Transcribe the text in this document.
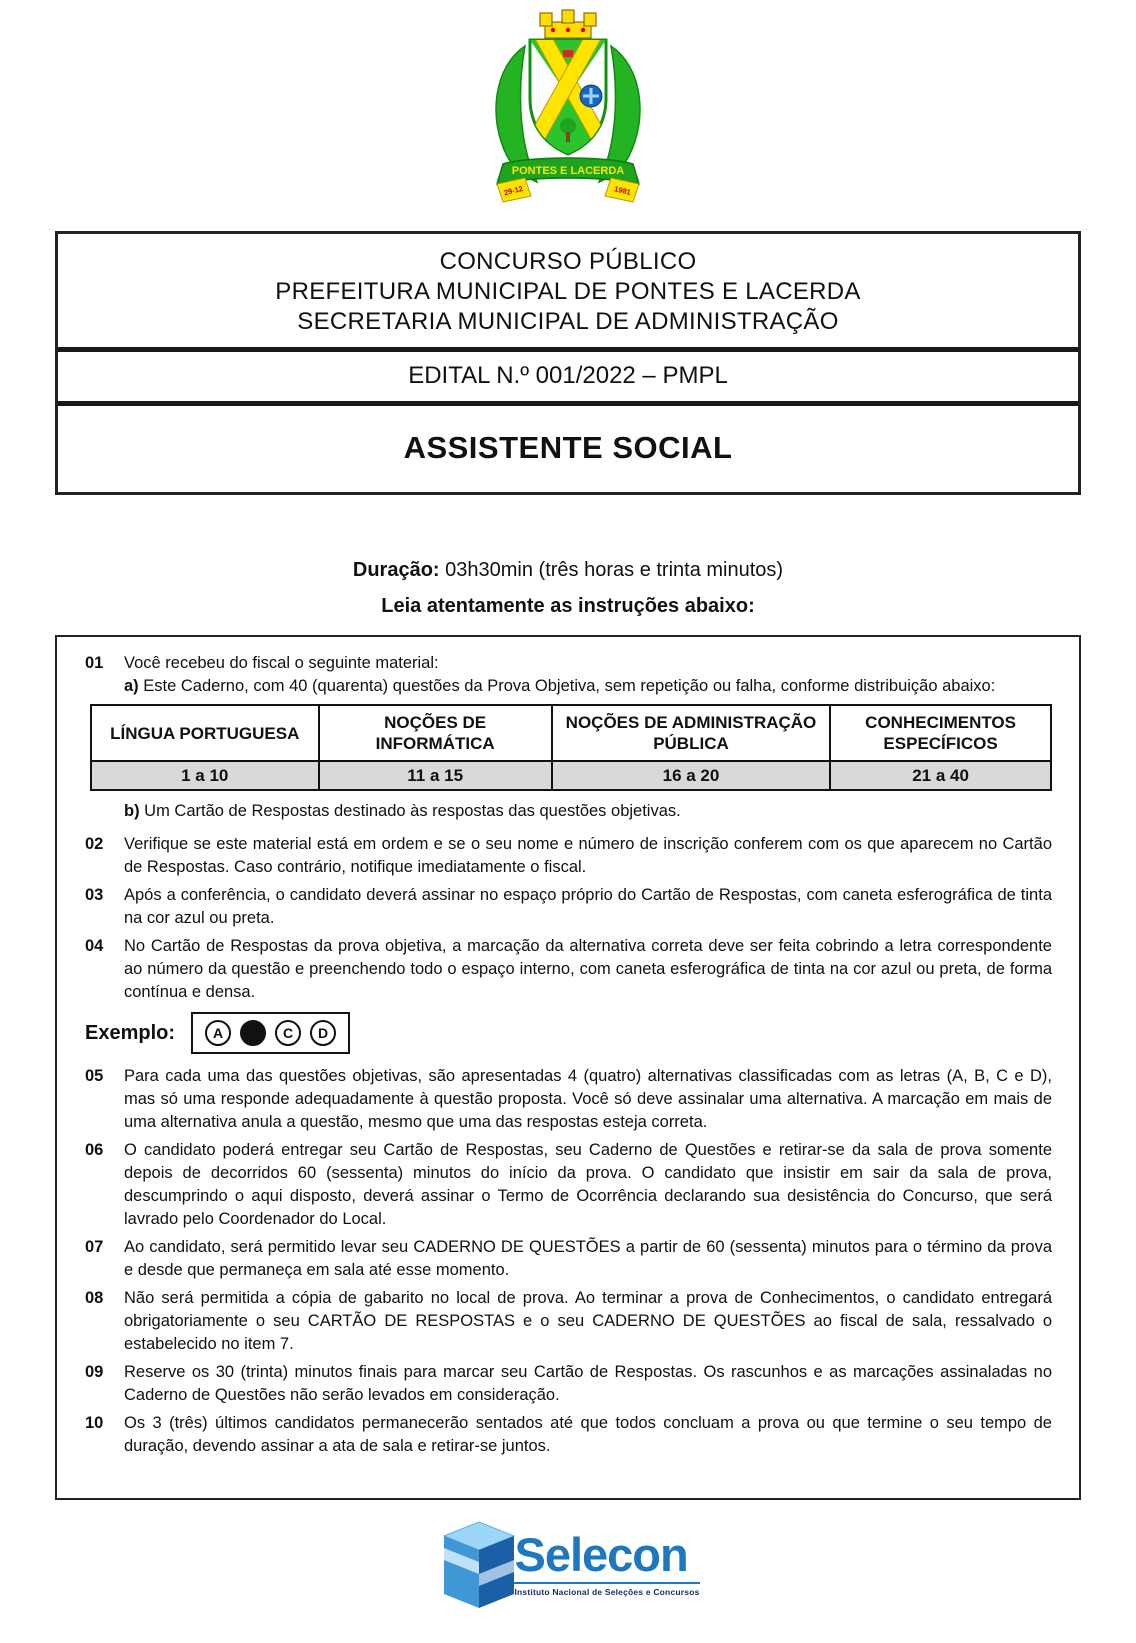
PONTES E LACERDA
29-12	1981
CONCURSO PÚBLICO
PREFEITURA MUNICIPAL DE PONTES E LACERDA
SECRETARIA MUNICIPAL DE ADMINISTRAÇÃO
EDITAL N.º 001/2022 – PMPL
ASSISTENTE SOCIAL
Duração: 03h30min (três horas e trinta minutos)
Leia atentamente as instruções abaixo:
01	Você recebeu do fiscal o seguinte material:
a) Este Caderno, com 40 (quarenta) questões da Prova Objetiva, sem repetição ou falha, conforme distribuição abaixo:
LÍNGUA PORTUGUESA	NOÇÕES DE INFORMÁTICA	NOÇÕES DE ADMINISTRAÇÃO PÚBLICA	CONHECIMENTOS ESPECÍFICOS
1 a 10	11 a 15	16 a 20	21 a 40
b) Um Cartão de Respostas destinado às respostas das questões objetivas.
02	Verifique se este material está em ordem e se o seu nome e número de inscrição conferem com os que aparecem no Cartão de Respostas. Caso contrário, notifique imediatamente o fiscal.
03	Após a conferência, o candidato deverá assinar no espaço próprio do Cartão de Respostas, com caneta esferográfica de tinta na cor azul ou preta.
04	No Cartão de Respostas da prova objetiva, a marcação da alternativa correta deve ser feita cobrindo a letra correspondente ao número da questão e preenchendo todo o espaço interno, com caneta esferográfica de tinta na cor azul ou preta, de forma contínua e densa.
Exemplo:	A	C	D
05	Para cada uma das questões objetivas, são apresentadas 4 (quatro) alternativas classificadas com as letras (A, B, C e D), mas só uma responde adequadamente à questão proposta. Você só deve assinalar uma alternativa. A marcação em mais de uma alternativa anula a questão, mesmo que uma das respostas esteja correta.
06	O candidato poderá entregar seu Cartão de Respostas, seu Caderno de Questões e retirar-se da sala de prova somente depois de decorridos 60 (sessenta) minutos do início da prova. O candidato que insistir em sair da sala de prova, descumprindo o aqui disposto, deverá assinar o Termo de Ocorrência declarando sua desistência do Concurso, que será lavrado pelo Coordenador do Local.
07	Ao candidato, será permitido levar seu CADERNO DE QUESTÕES a partir de 60 (sessenta) minutos para o término da prova e desde que permaneça em sala até esse momento.
08	Não será permitida a cópia de gabarito no local de prova. Ao terminar a prova de Conhecimentos, o candidato entregará obrigatoriamente o seu CARTÃO DE RESPOSTAS e o seu CADERNO DE QUESTÕES ao fiscal de sala, ressalvado o estabelecido no item 7.
09	Reserve os 30 (trinta) minutos finais para marcar seu Cartão de Respostas. Os rascunhos e as marcações assinaladas no Caderno de Questões não serão levados em consideração.
10	Os 3 (três) últimos candidatos permanecerão sentados até que todos concluam a prova ou que termine o seu tempo de duração, devendo assinar a ata de sala e retirar-se juntos.
Selecon
Instituto Nacional de Seleções e Concursos
